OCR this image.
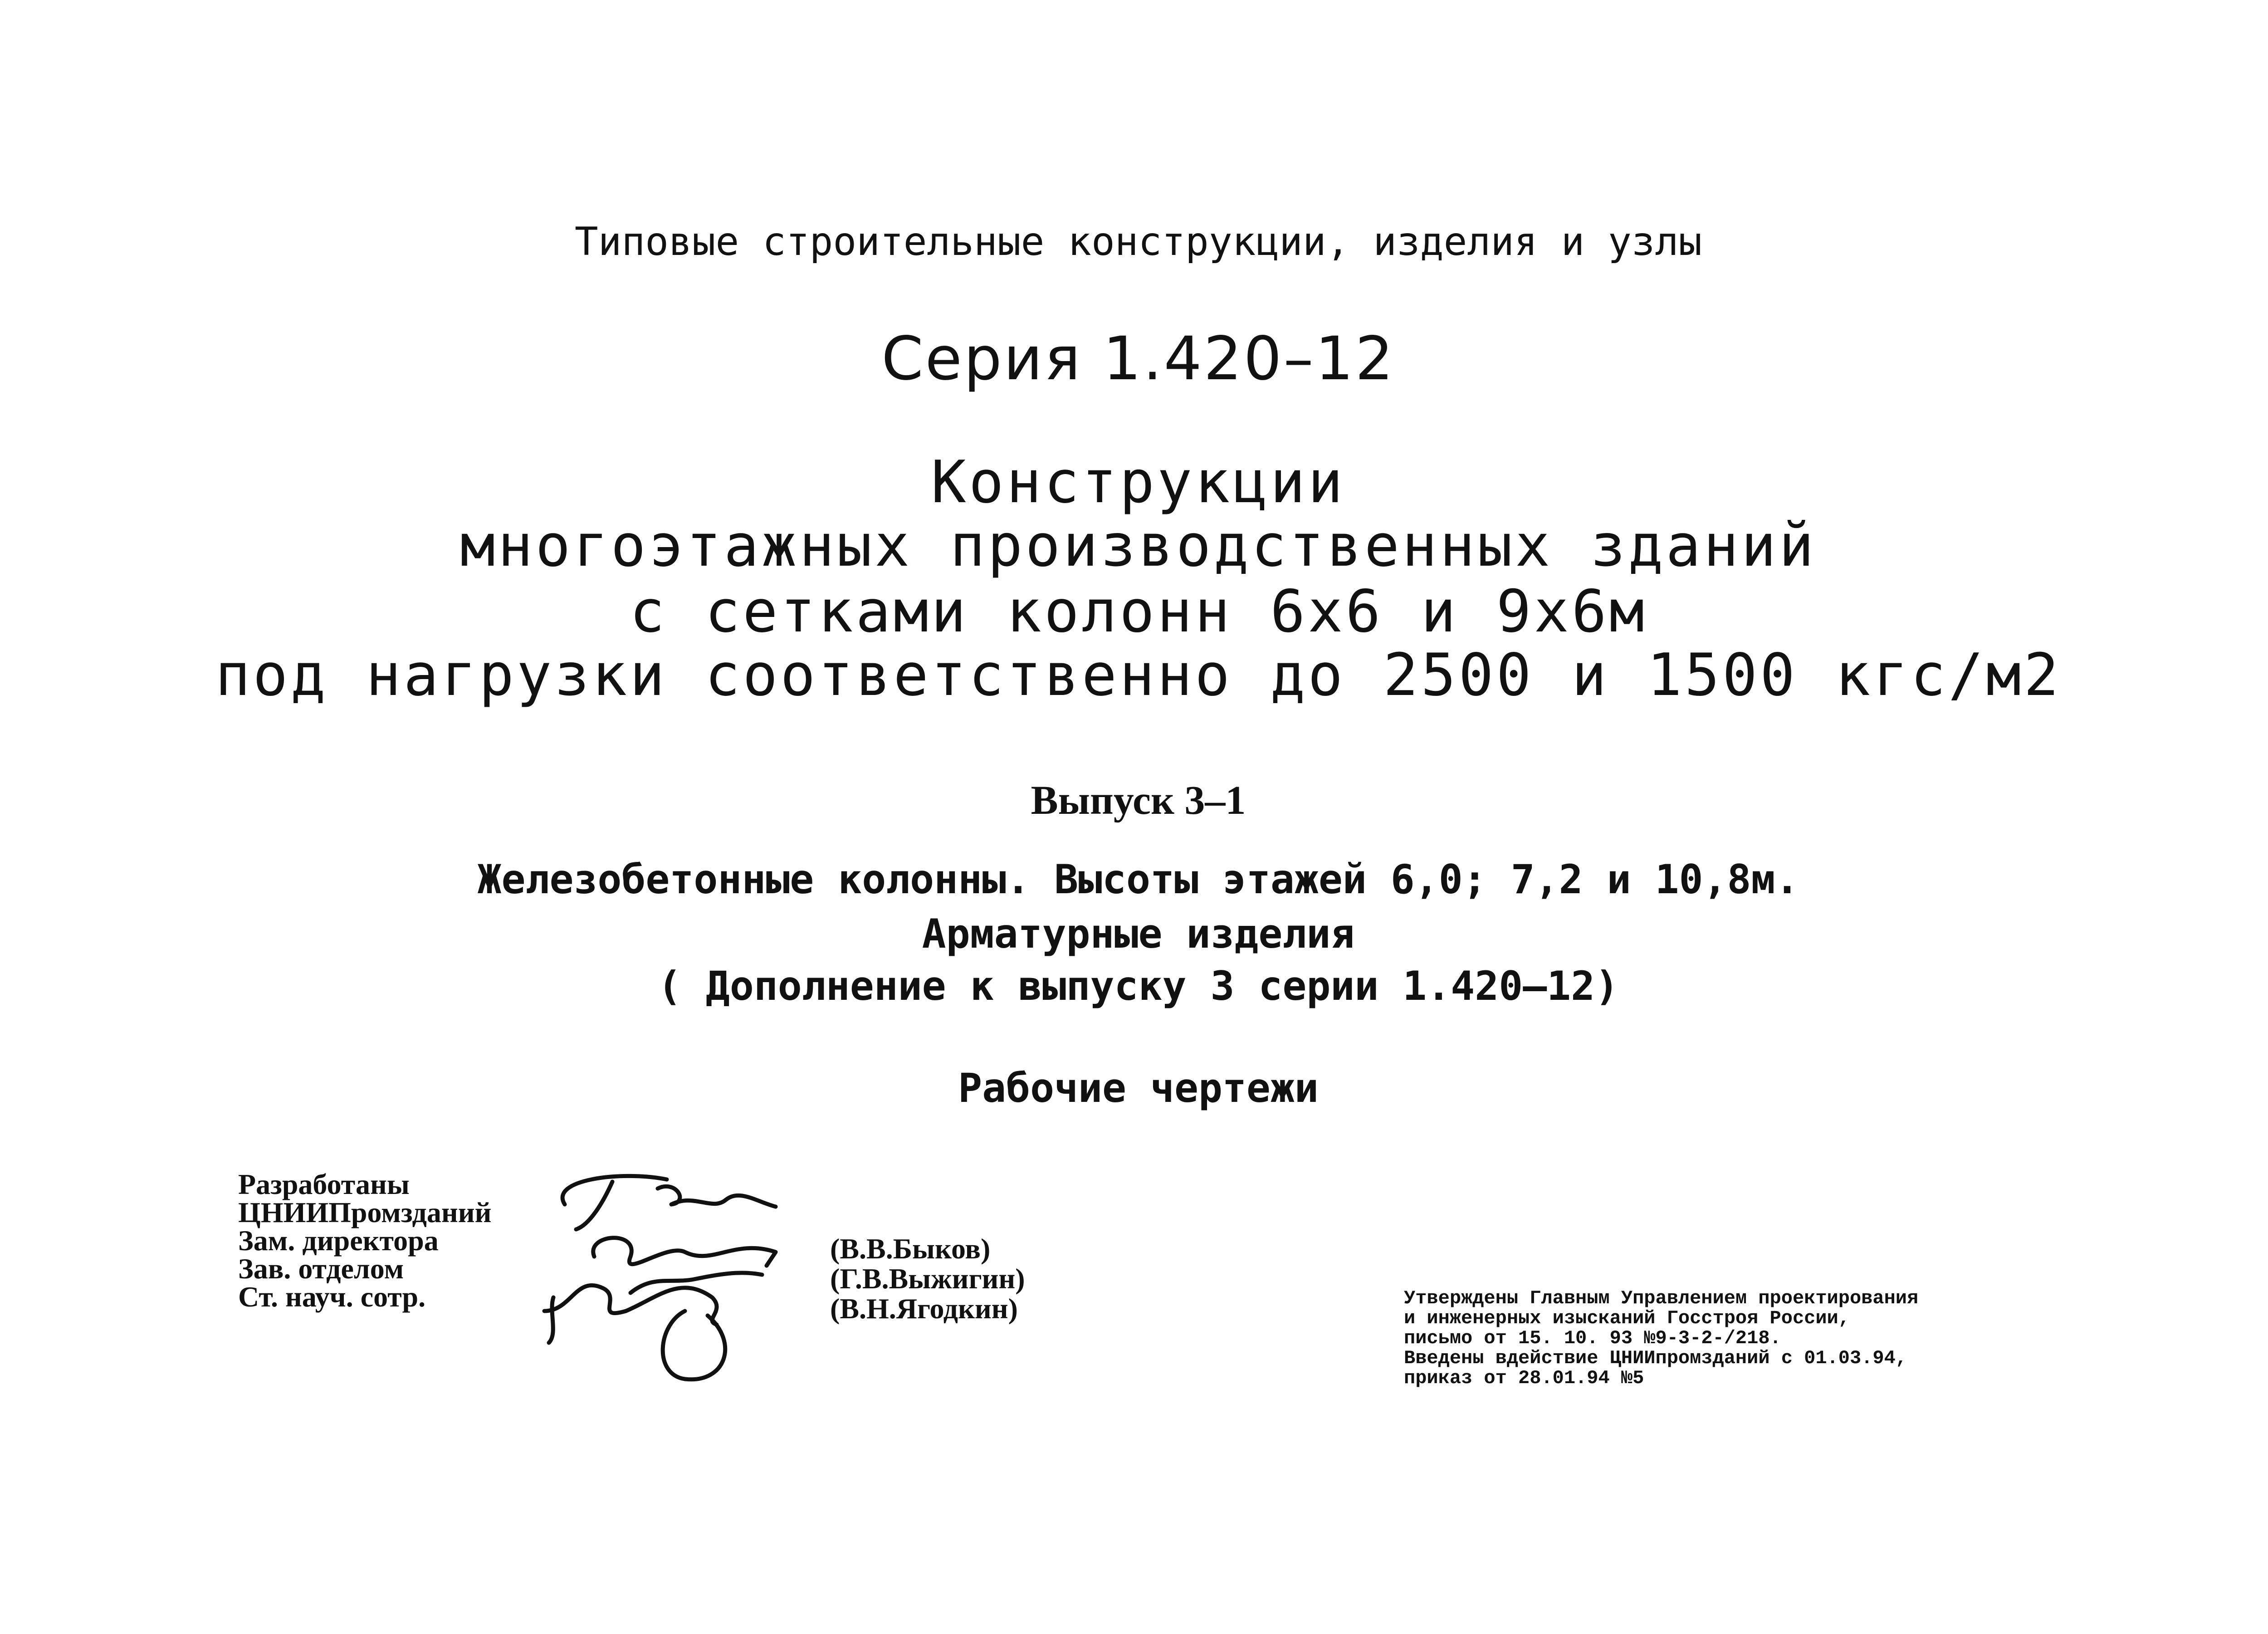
Типовые строительные конструкции, изделия и узлы
Серия 1.420–12
Конструкции
многоэтажных производственных зданий
с сетками колонн 6х6 и 9х6м
под нагрузки соответственно до 2500 и 1500 кгс/м2
Выпуск 3–1
Железобетонные колонны. Высоты этажей 6,0; 7,2 и 10,8м.
Арматурные изделия
( Дополнение к выпуску 3 серии 1.420–12)
Рабочие чертежи
Разработаны
ЦНИИПромзданий
Зам. директора
Зав. отделом
Ст. науч. сотр.
(В.В.Быков)
(Г.В.Выжигин)
(В.Н.Ягодкин)	Утверждены Главным Управлением проектирования
и инженерных изысканий Госстроя России,
письмо от 15. 10. 93 №9-3-2-/218.
Введены вдействие ЦНИИпромзданий с 01.03.94,
приказ от 28.01.94 №5
